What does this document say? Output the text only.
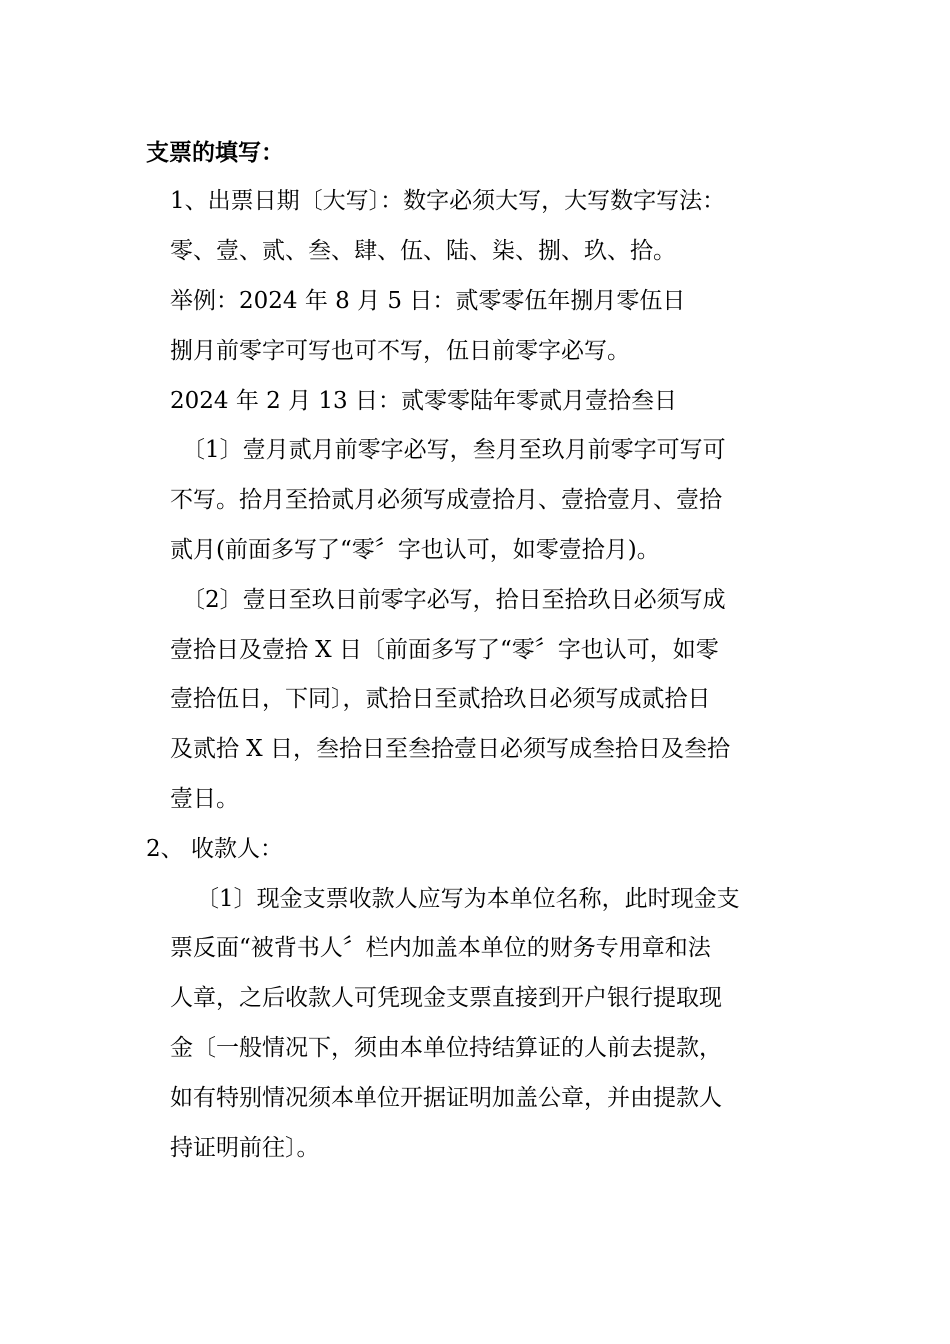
支票的填写：
1、出票日期〔大写〕：数字必须大写，大写数字写法：
零、壹、贰、叁、肆、伍、陆、柒、捌、玖、拾。
举例：2024 年 8 月 5 日：贰零零伍年捌月零伍日
捌月前零字可写也可不写，伍日前零字必写。
2024 年 2 月 13 日：贰零零陆年零贰月壹拾叁日
〔1〕壹月贰月前零字必写，叁月至玖月前零字可写可
不写。拾月至拾贰月必须写成壹拾月、壹拾壹月、壹拾
贰月(前面多写了“零〞字也认可，如零壹拾月)。
〔2〕壹日至玖日前零字必写，拾日至拾玖日必须写成
壹拾日及壹拾 X 日〔前面多写了“零〞字也认可，如零
壹拾伍日，下同〕，贰拾日至贰拾玖日必须写成贰拾日
及贰拾 X 日，叁拾日至叁拾壹日必须写成叁拾日及叁拾
壹日。
2、 收款人：
〔1〕现金支票收款人应写为本单位名称，此时现金支
票反面“被背书人〞栏内加盖本单位的财务专用章和法
人章，之后收款人可凭现金支票直接到开户银行提取现
金〔一般情况下，须由本单位持结算证的人前去提款，
如有特别情况须本单位开据证明加盖公章，并由提款人
持证明前往〕。
